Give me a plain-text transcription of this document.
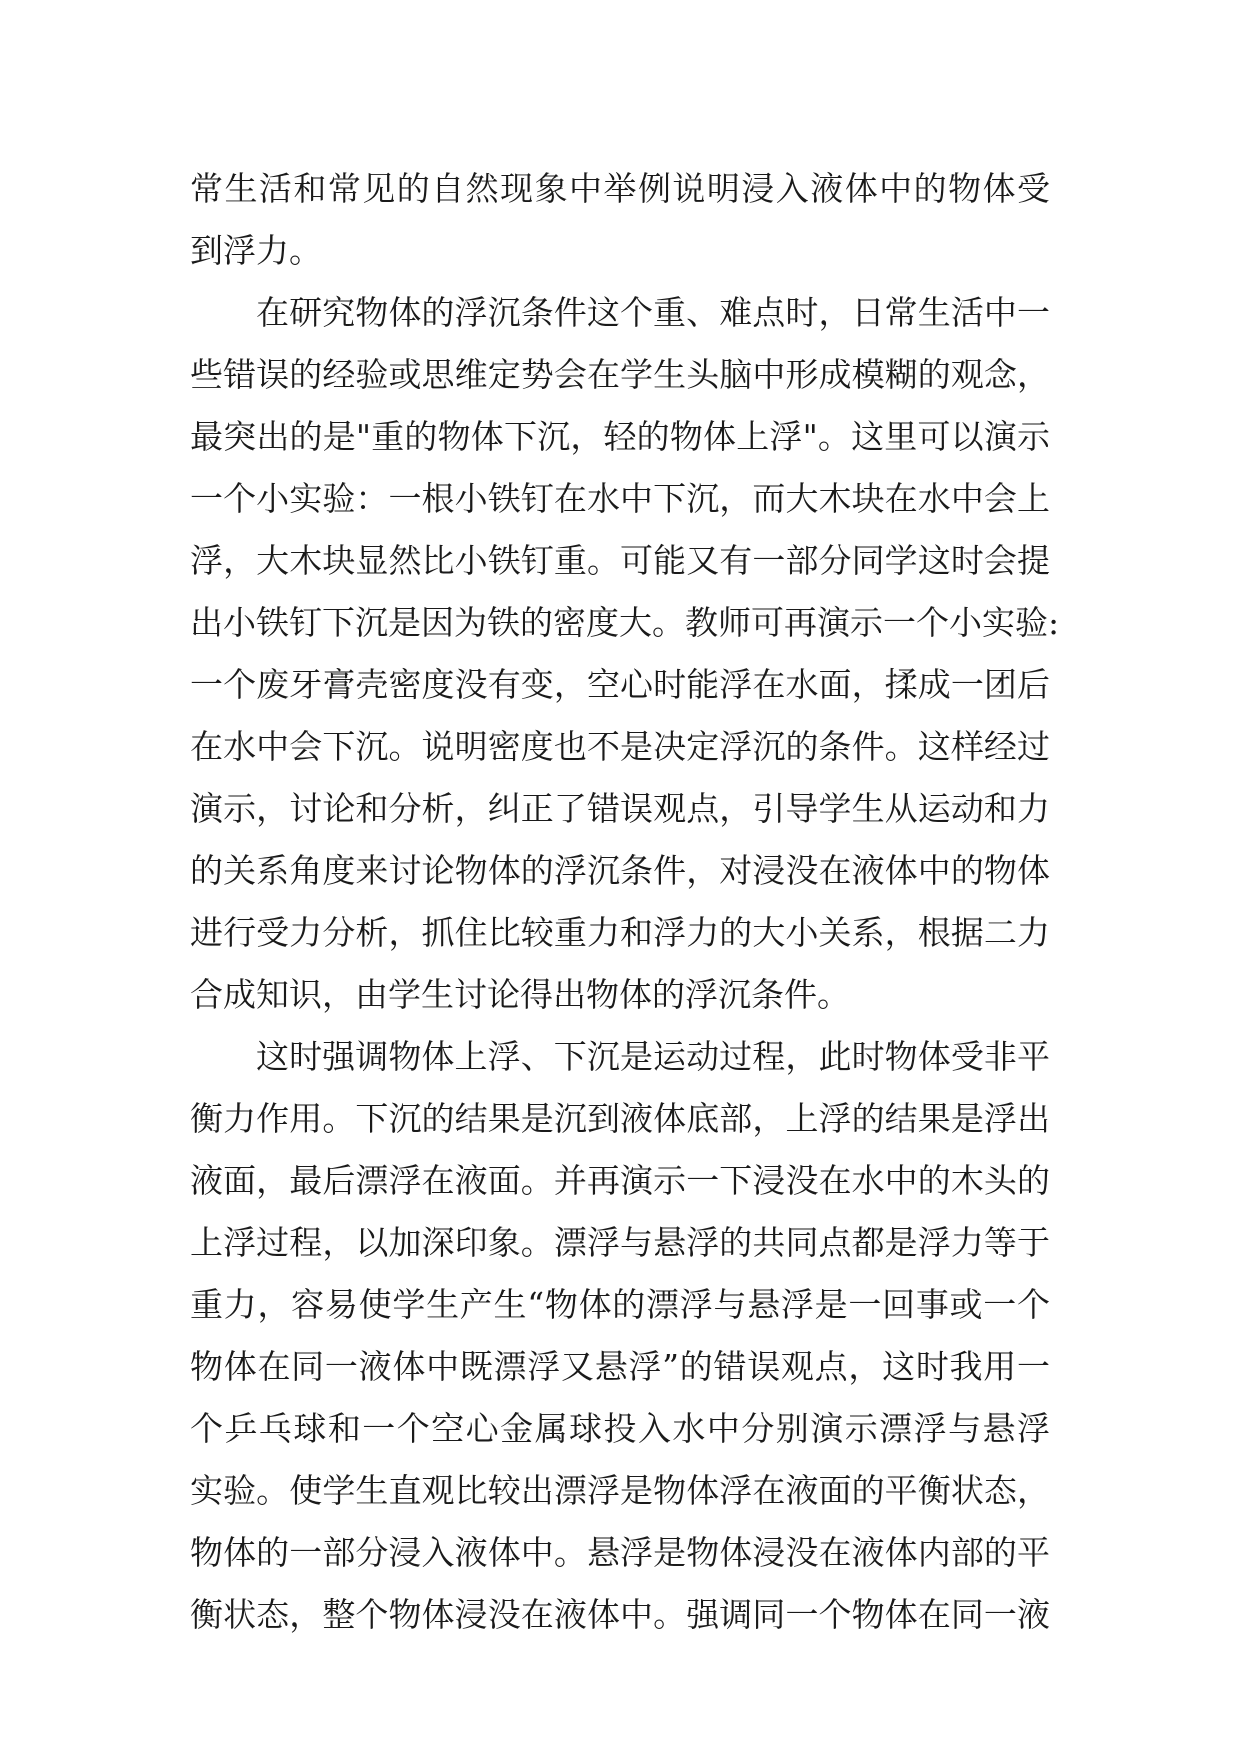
常生活和常见的自然现象中举例说明浸入液体中的物体受
到浮力。
在研究物体的浮沉条件这个重、难点时，日常生活中一
些错误的经验或思维定势会在学生头脑中形成模糊的观念，
最突出的是"重的物体下沉，轻的物体上浮"。这里可以演示
一个小实验：一根小铁钉在水中下沉，而大木块在水中会上
浮，大木块显然比小铁钉重。可能又有一部分同学这时会提
出小铁钉下沉是因为铁的密度大。教师可再演示一个小实验:
一个废牙膏壳密度没有变，空心时能浮在水面，揉成一团后
在水中会下沉。说明密度也不是决定浮沉的条件。这样经过
演示，讨论和分析，纠正了错误观点，引导学生从运动和力
的关系角度来讨论物体的浮沉条件，对浸没在液体中的物体
进行受力分析，抓住比较重力和浮力的大小关系，根据二力
合成知识，由学生讨论得出物体的浮沉条件。
这时强调物体上浮、下沉是运动过程，此时物体受非平
衡力作用。下沉的结果是沉到液体底部，上浮的结果是浮出
液面，最后漂浮在液面。并再演示一下浸没在水中的木头的
上浮过程，以加深印象。漂浮与悬浮的共同点都是浮力等于
重力，容易使学生产生“物体的漂浮与悬浮是一回事或一个
物体在同一液体中既漂浮又悬浮”的错误观点，这时我用一
个乒乓球和一个空心金属球投入水中分别演示漂浮与悬浮
实验。使学生直观比较出漂浮是物体浮在液面的平衡状态，
物体的一部分浸入液体中。悬浮是物体浸没在液体内部的平
衡状态，整个物体浸没在液体中。强调同一个物体在同一液
